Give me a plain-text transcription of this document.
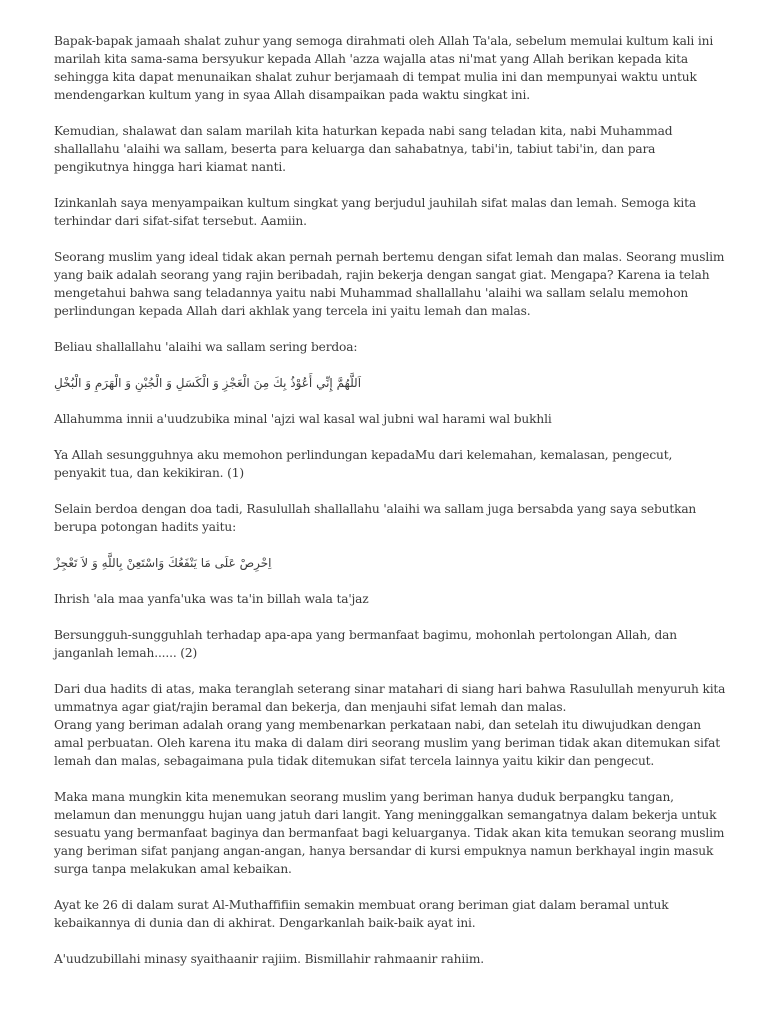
Bapak-bapak jamaah shalat zuhur yang semoga dirahmati oleh Allah Ta'ala, sebelum memulai kultum kali ini
marilah kita sama-sama bersyukur kepada Allah 'azza wajalla atas ni'mat yang Allah berikan kepada kita
sehingga kita dapat menunaikan shalat zuhur berjamaah di tempat mulia ini dan mempunyai waktu untuk
mendengarkan kultum yang in syaa Allah disampaikan pada waktu singkat ini.
Kemudian, shalawat dan salam marilah kita haturkan kepada nabi sang teladan kita, nabi Muhammad
shallallahu 'alaihi wa sallam, beserta para keluarga dan sahabatnya, tabi'in, tabiut tabi'in, dan para
pengikutnya hingga hari kiamat nanti.
Izinkanlah saya menyampaikan kultum singkat yang berjudul jauhilah sifat malas dan lemah. Semoga kita
terhindar dari sifat-sifat tersebut. Aamiin.
Seorang muslim yang ideal tidak akan pernah pernah bertemu dengan sifat lemah dan malas. Seorang muslim
yang baik adalah seorang yang rajin beribadah, rajin bekerja dengan sangat giat. Mengapa? Karena ia telah
mengetahui bahwa sang teladannya yaitu nabi Muhammad shallallahu 'alaihi wa sallam selalu memohon
perlindungan kepada Allah dari akhlak yang tercela ini yaitu lemah dan malas.
Beliau shallallahu 'alaihi wa sallam sering berdoa:
اَللَّهُمَّ إِنِّي أَعُوْذُ بِكَ مِنَ الْعَجْزِ وَ الْكَسَلِ وَ الْجُبْنِ وَ الْهَرَمِ وَ الْبُخْلِ
Allahumma innii a'uudzubika minal 'ajzi wal kasal wal jubni wal harami wal bukhli
Ya Allah sesungguhnya aku memohon perlindungan kepadaMu dari kelemahan, kemalasan, pengecut,
penyakit tua, dan kekikiran. (1)
Selain berdoa dengan doa tadi, Rasulullah shallallahu 'alaihi wa sallam juga bersabda yang saya sebutkan
berupa potongan hadits yaitu:
اِحْرِصْ عَلَى مَا يَنْفَعُكَ وَاسْتَعِنْ بِاللَّهِ وَ لاَ تَعْجِزْ
Ihrish 'ala maa yanfa'uka was ta'in billah wala ta'jaz
Bersungguh-sungguhlah terhadap apa-apa yang bermanfaat bagimu, mohonlah pertolongan Allah, dan
janganlah lemah...... (2)
Dari dua hadits di atas, maka teranglah seterang sinar matahari di siang hari bahwa Rasulullah menyuruh kita
ummatnya agar giat/rajin beramal dan bekerja, dan menjauhi sifat lemah dan malas.
Orang yang beriman adalah orang yang membenarkan perkataan nabi, dan setelah itu diwujudkan dengan
amal perbuatan. Oleh karena itu maka di dalam diri seorang muslim yang beriman tidak akan ditemukan sifat
lemah dan malas, sebagaimana pula tidak ditemukan sifat tercela lainnya yaitu kikir dan pengecut.
Maka mana mungkin kita menemukan seorang muslim yang beriman hanya duduk berpangku tangan,
melamun dan menunggu hujan uang jatuh dari langit. Yang meninggalkan semangatnya dalam bekerja untuk
sesuatu yang bermanfaat baginya dan bermanfaat bagi keluarganya. Tidak akan kita temukan seorang muslim
yang beriman sifat panjang angan-angan, hanya bersandar di kursi empuknya namun berkhayal ingin masuk
surga tanpa melakukan amal kebaikan.
Ayat ke 26 di dalam surat Al-Muthaffifiin semakin membuat orang beriman giat dalam beramal untuk
kebaikannya di dunia dan di akhirat. Dengarkanlah baik-baik ayat ini.
A'uudzubillahi minasy syaithaanir rajiim. Bismillahir rahmaanir rahiim.
